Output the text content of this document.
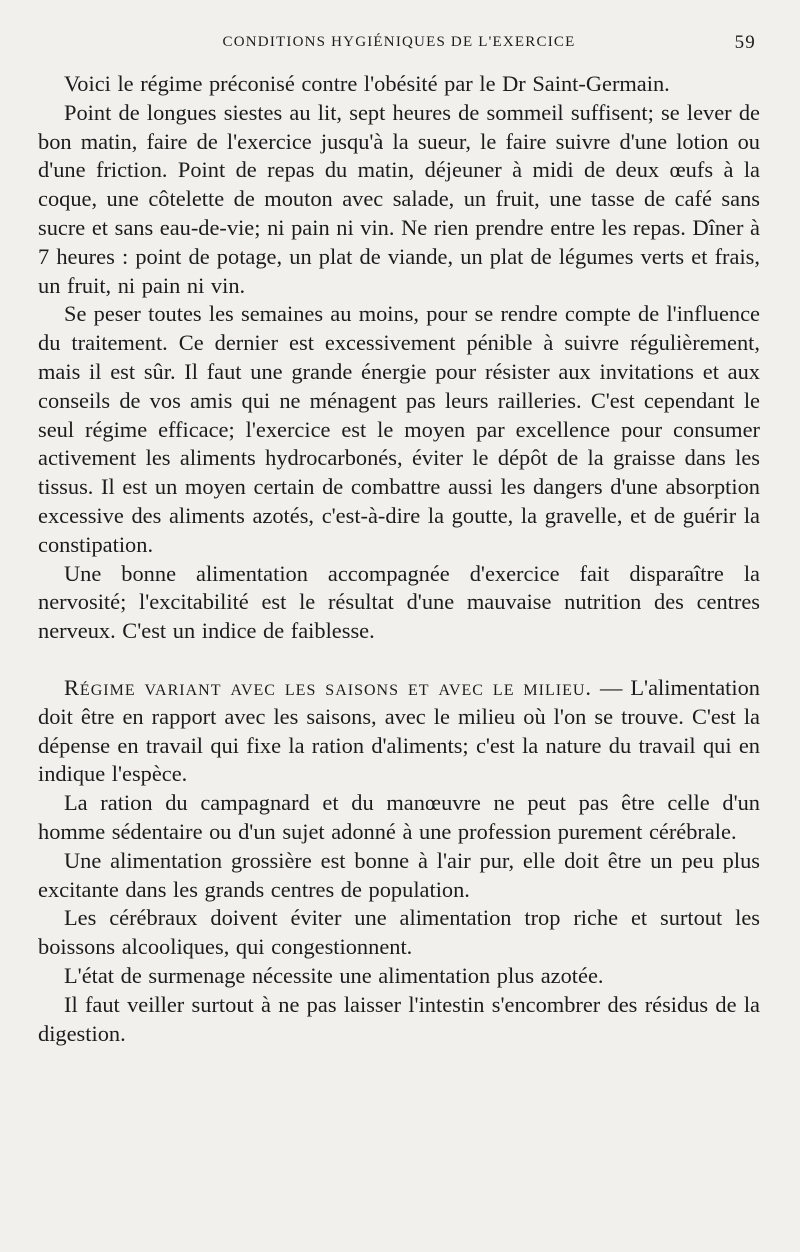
CONDITIONS HYGIÉNIQUES DE L'EXERCICE	59

Voici le régime préconisé contre l'obésité par le Dr Saint-Germain.

Point de longues siestes au lit, sept heures de sommeil suffisent; se lever de bon matin, faire de l'exercice jusqu'à la sueur, le faire suivre d'une lotion ou d'une friction. Point de repas du matin, déjeuner à midi de deux œufs à la coque, une côtelette de mouton avec salade, un fruit, une tasse de café sans sucre et sans eau-de-vie; ni pain ni vin. Ne rien prendre entre les repas. Dîner à 7 heures : point de potage, un plat de viande, un plat de légumes verts et frais, un fruit, ni pain ni vin.

Se peser toutes les semaines au moins, pour se rendre compte de l'influence du traitement. Ce dernier est excessivement pénible à suivre régulièrement, mais il est sûr. Il faut une grande énergie pour résister aux invitations et aux conseils de vos amis qui ne ménagent pas leurs railleries. C'est cependant le seul régime efficace; l'exercice est le moyen par excellence pour consumer activement les aliments hydrocarbonés, éviter le dépôt de la graisse dans les tissus. Il est un moyen certain de combattre aussi les dangers d'une absorption excessive des aliments azotés, c'est-à-dire la goutte, la gravelle, et de guérir la constipation.

Une bonne alimentation accompagnée d'exercice fait disparaître la nervosité; l'excitabilité est le résultat d'une mauvaise nutrition des centres nerveux. C'est un indice de faiblesse.

Régime variant avec les saisons et avec le milieu. — L'alimentation doit être en rapport avec les saisons, avec le milieu où l'on se trouve. C'est la dépense en travail qui fixe la ration d'aliments; c'est la nature du travail qui en indique l'espèce.

La ration du campagnard et du manœuvre ne peut pas être celle d'un homme sédentaire ou d'un sujet adonné à une profession purement cérébrale.

Une alimentation grossière est bonne à l'air pur, elle doit être un peu plus excitante dans les grands centres de population.

Les cérébraux doivent éviter une alimentation trop riche et surtout les boissons alcooliques, qui congestionnent.

L'état de surmenage nécessite une alimentation plus azotée.

Il faut veiller surtout à ne pas laisser l'intestin s'encombrer des résidus de la digestion.
